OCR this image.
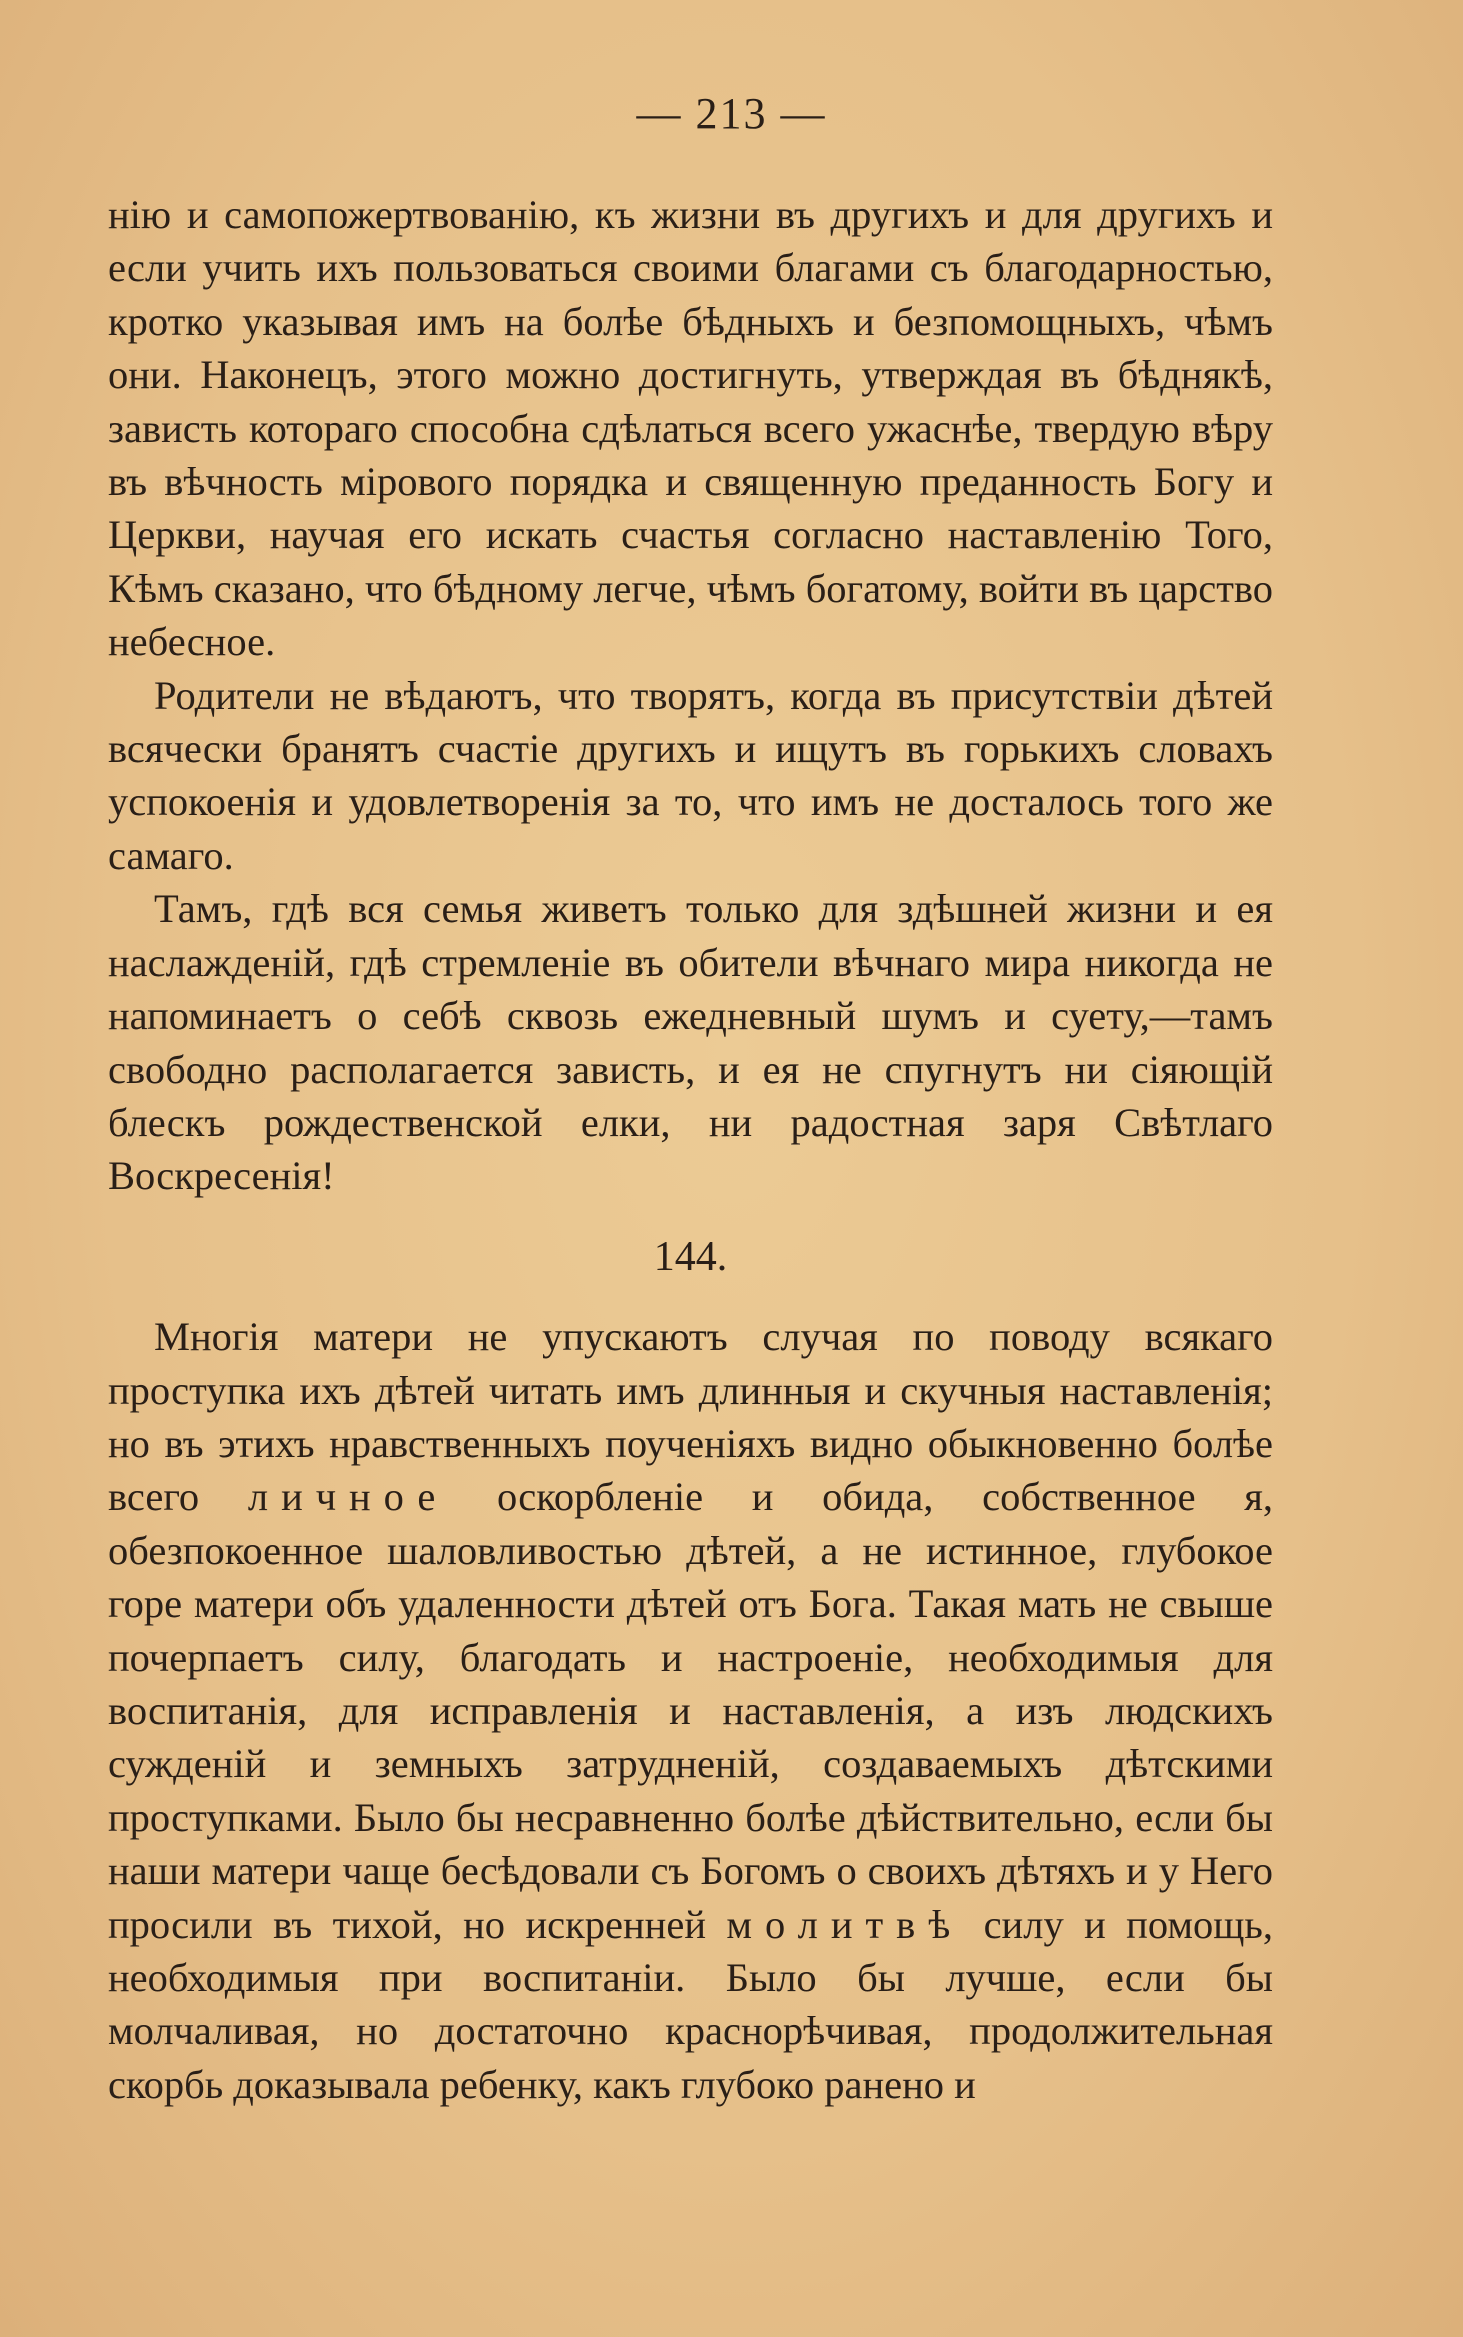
— 213 —

нію и самопожертвованію, къ жизни въ другихъ и для другихъ и если учить ихъ пользоваться своими благами съ благодарностью, кротко указывая имъ на болѣе бѣдныхъ и безпомощныхъ, чѣмъ они. Наконецъ, этого можно достигнуть, утверждая въ бѣднякѣ, зависть котораго способна сдѣлаться всего ужаснѣе, твердую вѣру въ вѣчность мірового порядка и священную преданность Богу и Церкви, научая его искать счастья согласно наставленію Того, Кѣмъ сказано, что бѣдному легче, чѣмъ богатому, войти въ царство небесное.

Родители не вѣдаютъ, что творятъ, когда въ присутствіи дѣтей всячески бранятъ счастіе другихъ и ищутъ въ горькихъ словахъ успокоенія и удовлетворенія за то, что имъ не досталось того же самаго.

Тамъ, гдѣ вся семья живетъ только для здѣшней жизни и ея наслажденій, гдѣ стремленіе въ обители вѣчнаго мира никогда не напоминаетъ о себѣ сквозь ежедневный шумъ и суету,—тамъ свободно располагается зависть, и ея не спугнутъ ни сіяющій блескъ рождественской елки, ни радостная заря Свѣтлаго Воскресенія!

144.

Многія матери не упускаютъ случая по поводу всякаго проступка ихъ дѣтей читать имъ длинныя и скучныя наставленія; но въ этихъ нравственныхъ поученіяхъ видно обыкновенно болѣе всего личное оскорбленіе и обида, собственное я, обезпокоенное шаловливостью дѣтей, а не истинное, глубокое горе матери объ удаленности дѣтей отъ Бога. Такая мать не свыше почерпаетъ силу, благодать и настроеніе, необходимыя для воспитанія, для исправленія и наставленія, а изъ людскихъ сужденій и земныхъ затрудненій, создаваемыхъ дѣтскими проступками. Было бы несравненно болѣе дѣйствительно, если бы наши матери чаще бесѣдовали съ Богомъ о своихъ дѣтяхъ и у Него просили въ тихой, но искренней молитвѣ силу и помощь, необходимыя при воспитаніи. Было бы лучше, если бы молчаливая, но достаточно краснорѣчивая, продолжительная скорбь доказывала ребенку, какъ глубоко ранено и
